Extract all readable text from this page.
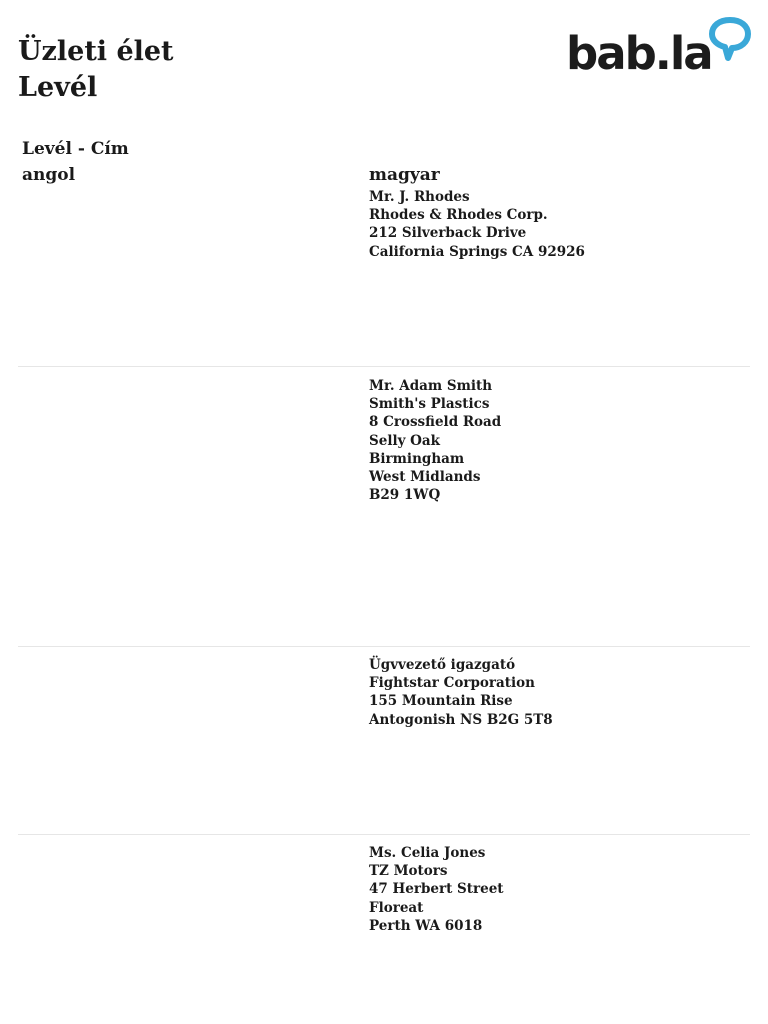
Üzleti élet
Levél
bab.la
Levél - Cím
angol	magyar
Mr. J. Rhodes
Rhodes & Rhodes Corp.
212 Silverback Drive
California Springs CA 92926
Mr. Adam Smith
Smith's Plastics
8 Crossfield Road
Selly Oak
Birmingham
West Midlands
B29 1WQ
Ügvvezető igazgató
Fightstar Corporation
155 Mountain Rise
Antogonish NS B2G 5T8
Ms. Celia Jones
TZ Motors
47 Herbert Street
Floreat
Perth WA 6018
